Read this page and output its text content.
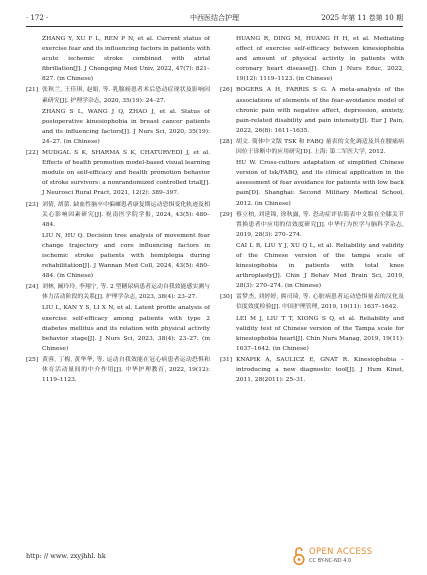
· 172 ·	中西医结合护理	2025 年第 11 卷第 10 期
ZHANG Y, XU F L, REN P N, et al. Current status of exercise fear and its influencing factors in patients with acute ischemic stroke combined with atrial fibrillation[J]. J Chongqing Med Univ, 2022, 47(7): 821–827. (in Chinese)
[21] 张秋兰, 王佳琪, 赵娟, 等. 乳腺癌患者术后恐动症现状及影响因素研究[J]. 护理学杂志, 2020, 35(19): 24–27.
ZHANG S L, WANG J Q, ZHAO J, et al. Status of postoperative kinesiophobia in breast cancer patients and its influencing factors[J]. J Nurs Sci, 2020, 35(19): 24–27. (in Chinese)
[22] MUDGAL S K, SHARMA S K, CHATURVEDI J, et al. Effects of health promotion model-based visual learning module on self-efficacy and health promotion behavior of stroke survivors: a nonrandomized controlled trial[J]. J Neurosci Rural Pract, 2021, 12(2): 389–397.
[23] 刘倩, 胡蕾. 缺血性脑卒中偏瘫患者康复期运动恐惧变化轨迹及相关心影响因素研究[J]. 祝南医学院学报, 2024, 43(5): 480–484.
LIU N, HU Q. Decision tree analysis of movement fear change trajectory and core influencing factors in ischemic stroke patients with hemiplegia during rehabilitation[J]. J Wannan Med Coll, 2024, 43(5): 480–484. (in Chinese)
[24] 刘林, 阚玲玲, 李翔宁, 等. 2 型糖尿病患者运动自我效能感实测与体力活动阶段的关系[J]. 护理学杂志, 2023, 38(4): 23–27.
LIU L, KAN Y S, LI X N, et al. Latent profile analysis of exercise self-efficacy among patients with type 2 diabetes mellitus and its relation with physical activity behavior stage[J]. J Nurs Sci, 2023, 38(4): 23–27. (in Chinese)
[25] 黄蓉, 丁梅, 黄华华, 等. 运动自我效能在冠心病患者运动恐惧和体育活动量间的中介作用[J]. 中华护理教育, 2022, 19(12): 1119–1123.
HUANG R, DING M, HUANG H H, et al. Mediating effect of exercise self-efficacy between kinesiophobia and amount of physical activity in patients with coronary heart disease[J]. Chin J Nurs Educ, 2022, 19(12): 1119–1123. (in Chinese)
[26] ROGERS A H, FARRIS S G. A meta-analysis of the associations of elements of the fear-avoidance model of chronic pain with negative affect, depression, anxiety, pain-related disability and pain intensity[J]. Eur J Pain, 2022, 26(8): 1611–1635.
[28] 胡文. 简体中文版 TSK 和 FABQ 量表的文化调适及其在腰痛病因位于诊断中的应用研究[D]. 上海: 第二军医大学, 2012.
HU W. Cross-culture adaptation of simplified Chinese version of tsk/FABQ, and its clinical application in the assessment of fear avoidance for patients with low back pain[D]. Shanghai: Second Military Medical School, 2012. (in Chinese)
[29] 蔡立柏, 刘延锦, 徐秋露, 等. 恐动症评估简表中文版在全膝关节置换患者中应用的信效度研究[J]. 中华行为医学与脑科学杂志, 2019, 28(3): 270–274.
CAI L B, LIU Y J, XU Q L, et al. Reliability and validity of the Chinese version of the tampa scale of kinesiophobia in patients with total knee arthroplasty[J]. Chin J Behav Med Brain Sci, 2019, 28(3): 270–274. (in Chinese)
[30] 雷梦杰, 刘婷婷, 熊司琦, 等. 心脏病患者运动恐惧量表的汉化及信度效度检验[J]. 中国护理管理, 2019, 19(11): 1637–1642.
LEI M J, LIU T T, XIONG S Q, et al. Reliability and validity test of Chinese version of the Tampa scale for kinesiophobia heart[J]. Chin Nurs Manag, 2019, 19(11): 1637–1642. (in Chinese)
[31] KNAPIK A, SAULICZ E, GNAT R. Kinesiophobia – introducing a new diagnostic tool[J]. J Hum Kinet, 2011, 28(2011): 25–31.
http: // www. zxyjhhl. hk	OPEN ACCESS
CC BY-NC-ND 4.0
